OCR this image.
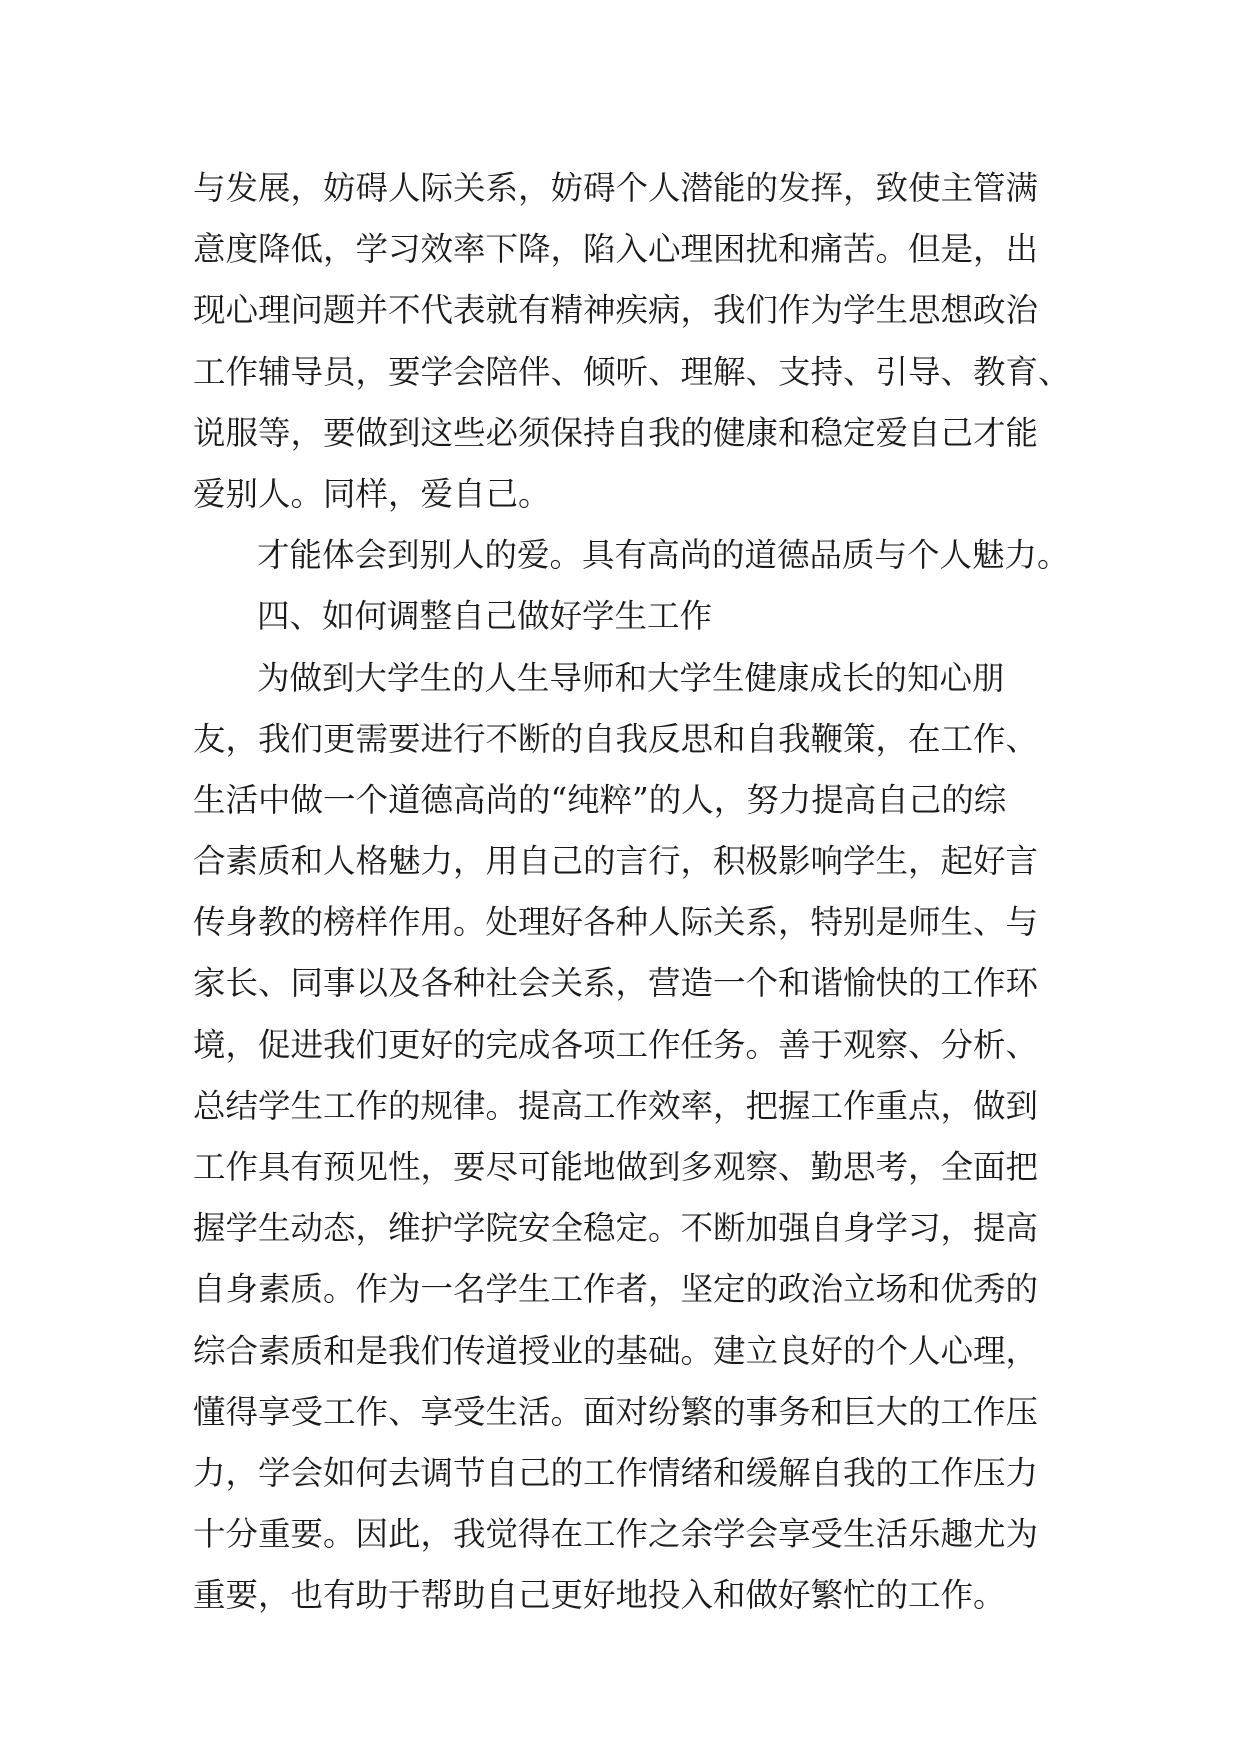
与发展，妨碍人际关系，妨碍个人潜能的发挥，致使主管满
意度降低，学习效率下降，陷入心理困扰和痛苦。但是，出
现心理问题并不代表就有精神疾病，我们作为学生思想政治
工作辅导员，要学会陪伴、倾听、理解、支持、引导、教育、
说服等，要做到这些必须保持自我的健康和稳定爱自己才能
爱别人。同样，爱自己。
才能体会到别人的爱。具有高尚的道德品质与个人魅力。
四、如何调整自己做好学生工作
为做到大学生的人生导师和大学生健康成长的知心朋
友，我们更需要进行不断的自我反思和自我鞭策，在工作、
生活中做一个道德高尚的“纯粹”的人，努力提高自己的综
合素质和人格魅力，用自己的言行，积极影响学生，起好言
传身教的榜样作用。处理好各种人际关系，特别是师生、与
家长、同事以及各种社会关系，营造一个和谐愉快的工作环
境，促进我们更好的完成各项工作任务。善于观察、分析、
总结学生工作的规律。提高工作效率，把握工作重点，做到
工作具有预见性，要尽可能地做到多观察、勤思考，全面把
握学生动态，维护学院安全稳定。不断加强自身学习，提高
自身素质。作为一名学生工作者，坚定的政治立场和优秀的
综合素质和是我们传道授业的基础。建立良好的个人心理，
懂得享受工作、享受生活。面对纷繁的事务和巨大的工作压
力，学会如何去调节自己的工作情绪和缓解自我的工作压力
十分重要。因此，我觉得在工作之余学会享受生活乐趣尤为
重要，也有助于帮助自己更好地投入和做好繁忙的工作。
